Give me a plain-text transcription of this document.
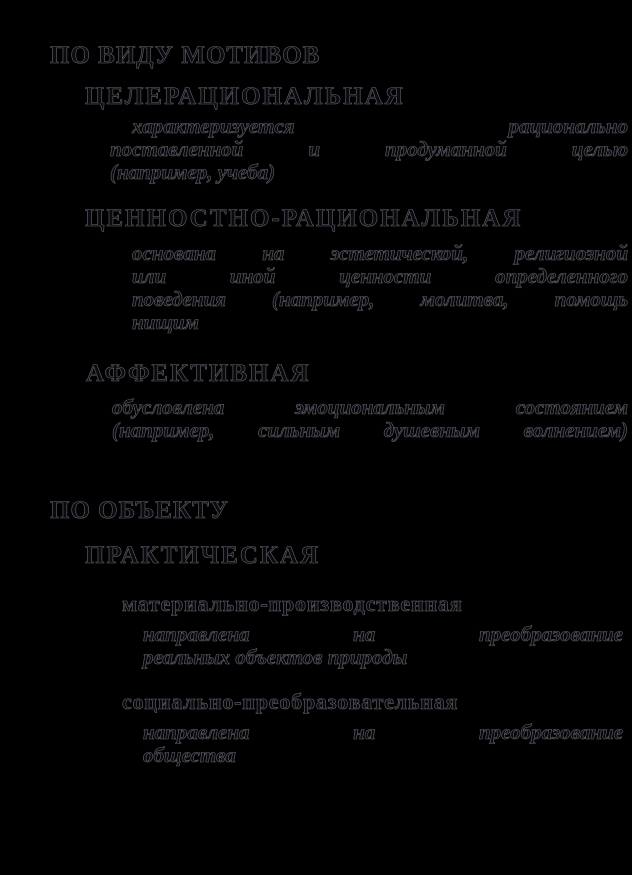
ПО ВИДУ МОТИВОВ
ЦЕЛЕРАЦИОНАЛЬНАЯ
характеризуется рационально
поставленной и продуманной целью
(например, учеба)
ЦЕННОСТНО-РАЦИОНАЛЬНАЯ
основана на эстетической, религиозной
или иной ценности определенного
поведения (например, молитва, помощь
нищим
АФФЕКТИВНАЯ
обусловлена эмоциональным состоянием
(например, сильным душевным волнением)
ПО ОБЪЕКТУ
ПРАКТИЧЕСКАЯ
материально-производственная
направлена на преобразование
реальных объектов природы
социально-преобразовательная
направлена на преобразование
общества
